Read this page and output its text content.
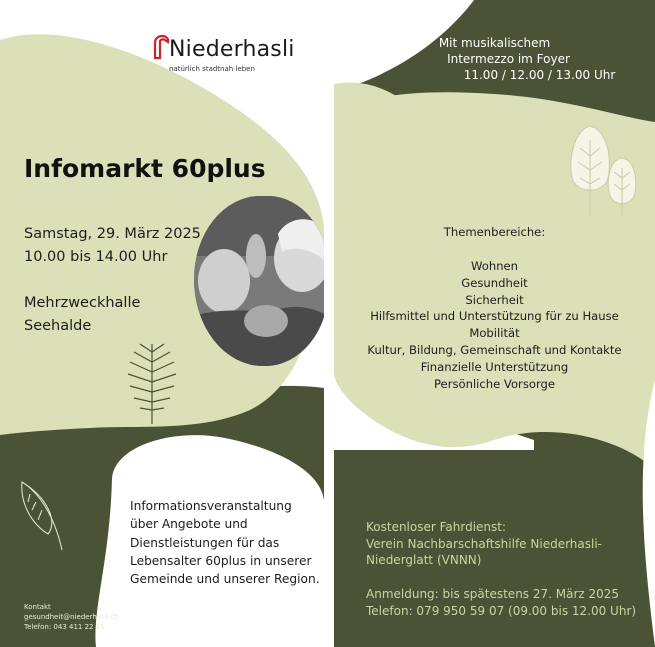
Niederhasli
natürlich stadtnah leben
Infomarkt 60plus
Samstag, 29. März 2025
10.00 bis 14.00 Uhr
Mehrzweckhalle
Seehalde
Informationsveranstaltung
über Angebote und
Dienstleistungen für das
Lebensalter 60plus in unserer
Gemeinde und unserer Region.
Kontakt
gesundheit@niederhasli.ch
Telefon: 043 411 22 45
Mit musikalischem
Intermezzo im Foyer
11.00 / 12.00 / 13.00 Uhr
Themenbereiche:
Wohnen
Gesundheit
Sicherheit
Hilfsmittel und Unterstützung für zu Hause
Mobilität
Kultur, Bildung, Gemeinschaft und Kontakte
Finanzielle Unterstützung
Persönliche Vorsorge
Kostenloser Fahrdienst:
Verein Nachbarschaftshilfe Niederhasli-
Niederglatt (VNNN)
Anmeldung: bis spätestens 27. März 2025
Telefon: 079 950 59 07 (09.00 bis 12.00 Uhr)
